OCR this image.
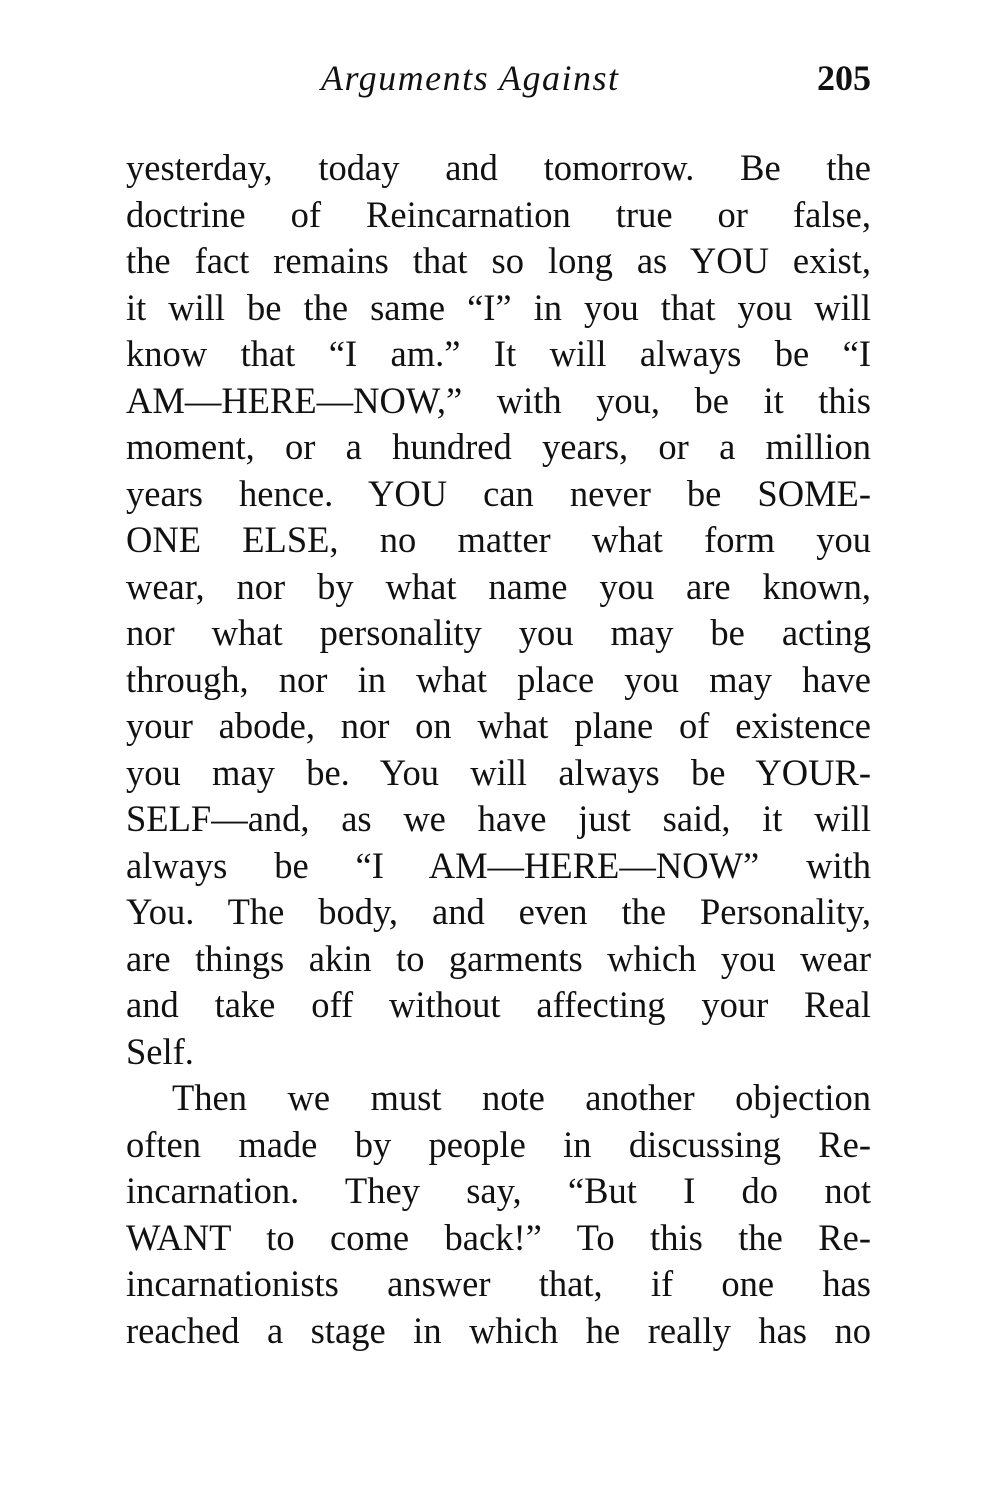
Arguments Against	205
yesterday, today and tomorrow. Be the
doctrine of Reincarnation true or false,
the fact remains that so long as YOU exist,
it will be the same “I” in you that you will
know that “I am.” It will always be “I
AM—HERE—NOW,” with you, be it this
moment, or a hundred years, or a million
years hence. YOU can never be SOME-
ONE ELSE, no matter what form you
wear, nor by what name you are known,
nor what personality you may be acting
through, nor in what place you may have
your abode, nor on what plane of existence
you may be. You will always be YOUR-
SELF—and, as we have just said, it will
always be “I AM—HERE—NOW” with
You. The body, and even the Personality,
are things akin to garments which you wear
and take off without affecting your Real
Self.
Then we must note another objection
often made by people in discussing Re-
incarnation. They say, “But I do not
WANT to come back!” To this the Re-
incarnationists answer that, if one has
reached a stage in which he really has no
